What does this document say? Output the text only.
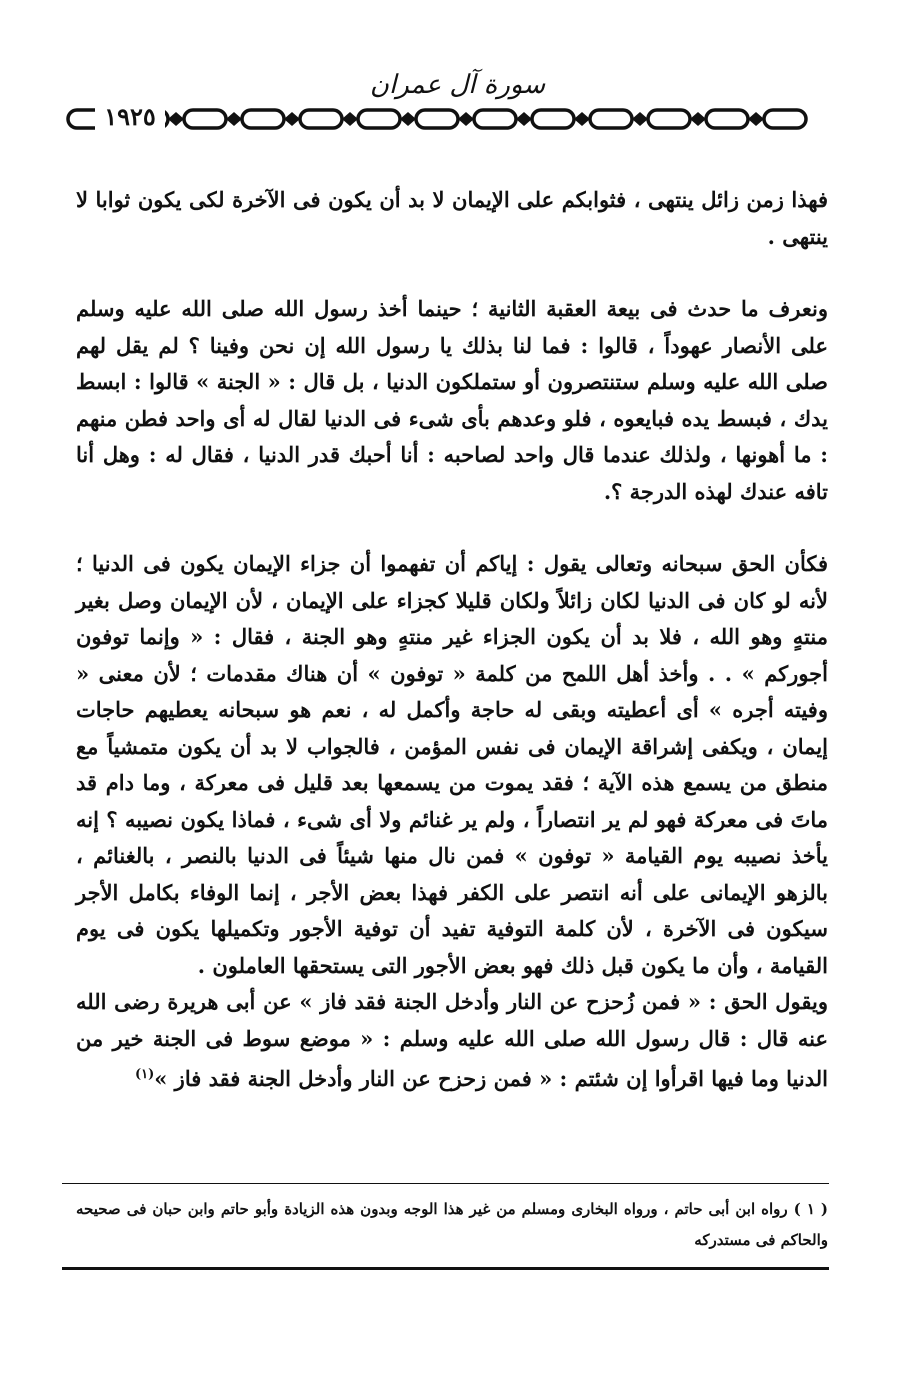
سورة آل عمران
١٩٢٥

فهذا زمن زائل ينتهى ، فثوابكم على الإيمان لا بد أن يكون فى الآخرة لكى يكون ثوابا لا ينتهى .

ونعرف ما حدث فى بيعة العقبة الثانية ؛ حينما أخذ رسول الله صلى الله عليه وسلم على الأنصار عهوداً ، قالوا : فما لنا بذلك يا رسول الله إن نحن وفينا ؟ لم يقل لهم صلى الله عليه وسلم ستنتصرون أو ستملكون الدنيا ، بل قال : « الجنة » قالوا : ابسط يدك ، فبسط يده فبايعوه ، فلو وعدهم بأى شىء فى الدنيا لقال له أى واحد فطن منهم : ما أهونها ، ولذلك عندما قال واحد لصاحبه : أنا أحبك قدر الدنيا ، فقال له : وهل أنا تافه عندك لهذه الدرجة ؟.

فكأن الحق سبحانه وتعالى يقول : إياكم أن تفهموا أن جزاء الإيمان يكون فى الدنيا ؛ لأنه لو كان فى الدنيا لكان زائلاً ولكان قليلا كجزاء على الإيمان ، لأن الإيمان وصل بغير منتهٍ وهو الله ، فلا بد أن يكون الجزاء غير منتهٍ وهو الجنة ، فقال : « وإنما توفون أجوركم » . . وأخذ أهل اللمح من كلمة « توفون » أن هناك مقدمات ؛ لأن معنى « وفيته أجره » أى أعطيته وبقى له حاجة وأكمل له ، نعم هو سبحانه يعطيهم حاجات إيمان ، ويكفى إشراقة الإيمان فى نفس المؤمن ، فالجواب لا بد أن يكون متمشياً مع منطق من يسمع هذه الآية ؛ فقد يموت من يسمعها بعد قليل فى معركة ، وما دام قد ماتَ فى معركة فهو لم ير انتصاراً ، ولم ير غنائم ولا أى شىء ، فماذا يكون نصيبه ؟ إنه يأخذ نصيبه يوم القيامة « توفون » فمن نال منها شيئاً فى الدنيا بالنصر ، بالغنائم ، بالزهو الإيمانى على أنه انتصر على الكفر فهذا بعض الأجر ، إنما الوفاء بكامل الأجر سيكون فى الآخرة ، لأن كلمة التوفية تفيد أن توفية الأجور وتكميلها يكون فى يوم القيامة ، وأن ما يكون قبل ذلك فهو بعض الأجور التى يستحقها العاملون .

ويقول الحق : « فمن زُحزح عن النار وأدخل الجنة فقد فاز » عن أبى هريرة رضى الله عنه قال : قال رسول الله صلى الله عليه وسلم : « موضع سوط فى الجنة خير من الدنيا وما فيها اقرأوا إن شئتم : « فمن زحزح عن النار وأدخل الجنة فقد فاز »$^{(١)}$

( ١ ) رواه ابن أبى حاتم ، ورواه البخارى ومسلم من غير هذا الوجه وبدون هذه الزيادة وأبو حاتم وابن حبان فى صحيحه والحاكم فى مستدركه
